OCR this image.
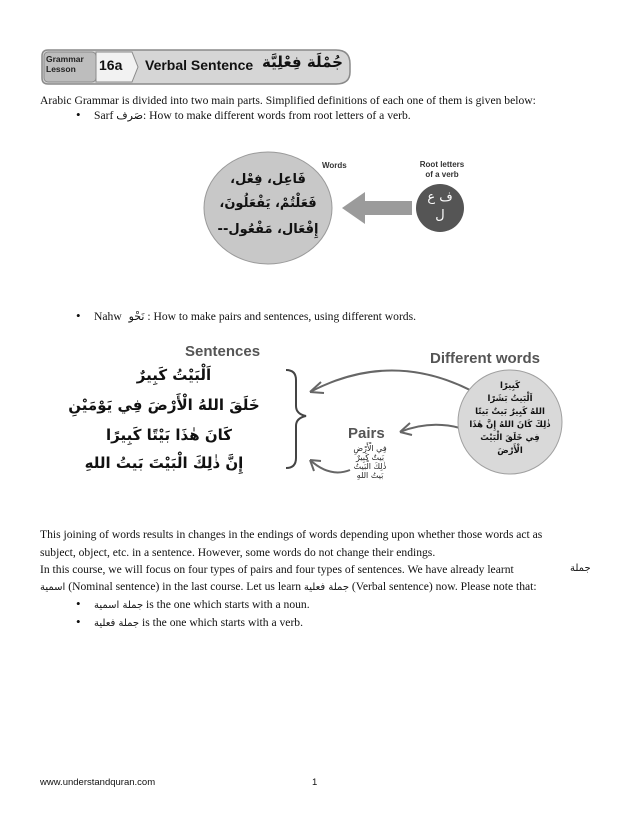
Grammar
Lesson	16a Verbal Sentence جُمْلَة فِعْلِيَّة

Arabic Grammar is divided into two main parts. Simplified definitions of each one of them is given below:

• Sarf صَرف: How to make different words from root letters of a verb.

Words	Root letters
of a verb
ف ع
ل
فَاعِل، فِعْل،
فَعَلْتُمْ، يَفْعَلُونَ،
إِفْعَال، مَفْعُول--
• Nahw نَحْو : How to make pairs and sentences, using different words.

Sentences	Different words
Pairs
اَلْبَيْتُ كَبِيرٌ
خَلَقَ اللهُ الْأَرْضَ فِي يَوْمَيْنِ
كَانَ هٰذَا بَيْتًا كَبِيرًا
إِنَّ ذٰلِكَ الْبَيْتَ بَيتُ اللهِ
فِي الْأَرْضِ
بَيتٌ كَبِيرٌ
ذٰلِكَ الْبَيتُ
بَيتُ اللهِ
كَبِيرًا
اَلْبَيتُ بَشَرًا
اللهُ كَبِيرٌ بَيتٌ بَيتًا
ذٰلِكَ كَانَ اللهُ إِنَّ هٰذَا
فِي خَلَقَ الْبَيْتَ
الْأَرْضَ

This joining of words results in changes in the endings of words depending upon whether those words act as

subject, object, etc. in a sentence. However, some words do not change their endings.

In this course, we will focus on four types of pairs and four types of sentences. We have already learnt	جملة

اسمية (Nominal sentence) in the last course. Let us learn جملة فعلية (Verbal sentence) now. Please note that:

• جملة اسمية is the one which starts with a noun.

• جملة فعلية is the one which starts with a verb.

www.understandquran.com	1
